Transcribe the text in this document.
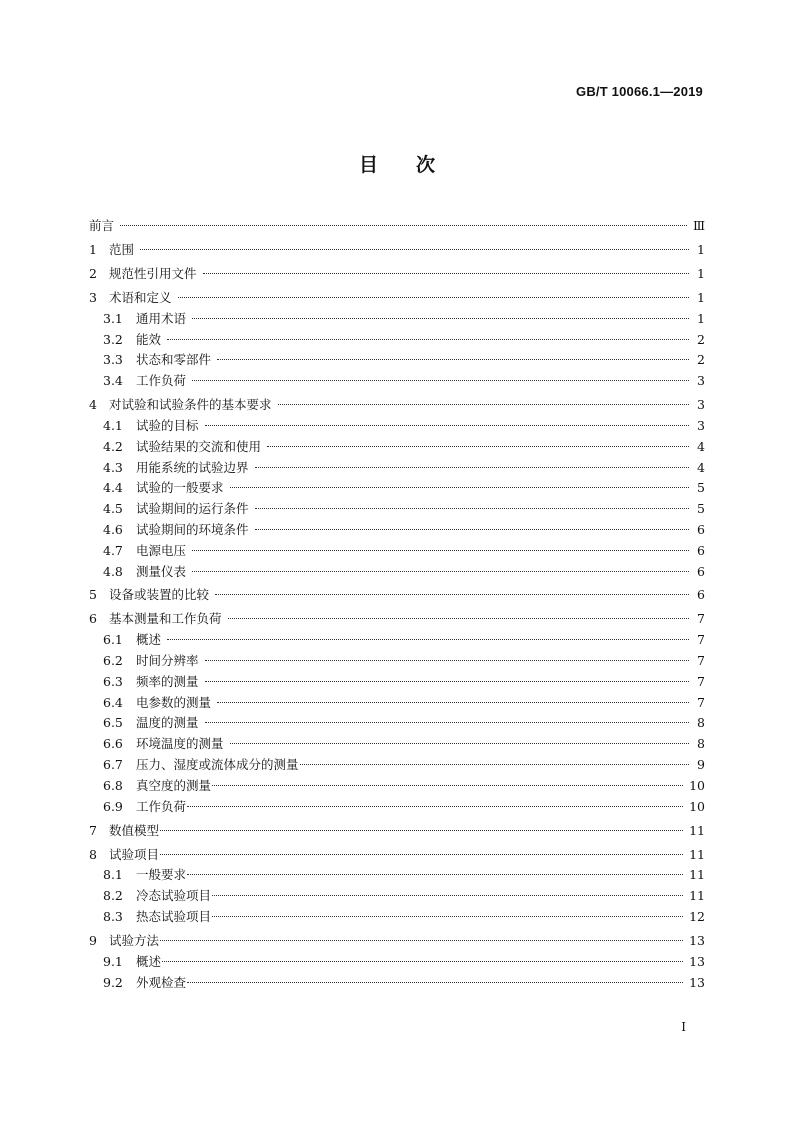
GB/T 10066.1—2019
目次
前言	Ⅲ
1 范围	1
2 规范性引用文件	1
3 术语和定义	1
3.1	通用术语	1
3.2	能效	2
3.3	状态和零部件	2
3.4	工作负荷	3
4 对试验和试验条件的基本要求	3
4.1	试验的目标	3
4.2	试验结果的交流和使用	4
4.3	用能系统的试验边界	4
4.4	试验的一般要求	5
4.5	试验期间的运行条件	5
4.6	试验期间的环境条件	6
4.7	电源电压	6
4.8	测量仪表	6
5 设备或装置的比较	6
6 基本测量和工作负荷	7
6.1	概述	7
6.2	时间分辨率	7
6.3	频率的测量	7
6.4	电参数的测量	7
6.5	温度的测量	8
6.6	环境温度的测量	8
6.7	压力、湿度或流体成分的测量	9
6.8	真空度的测量	10
6.9	工作负荷	10
7 数值模型	11
8 试验项目	11
8.1	一般要求	11
8.2	冷态试验项目	11
8.3	热态试验项目	12
9 试验方法	13
9.1	概述	13
9.2	外观检查	13
I
